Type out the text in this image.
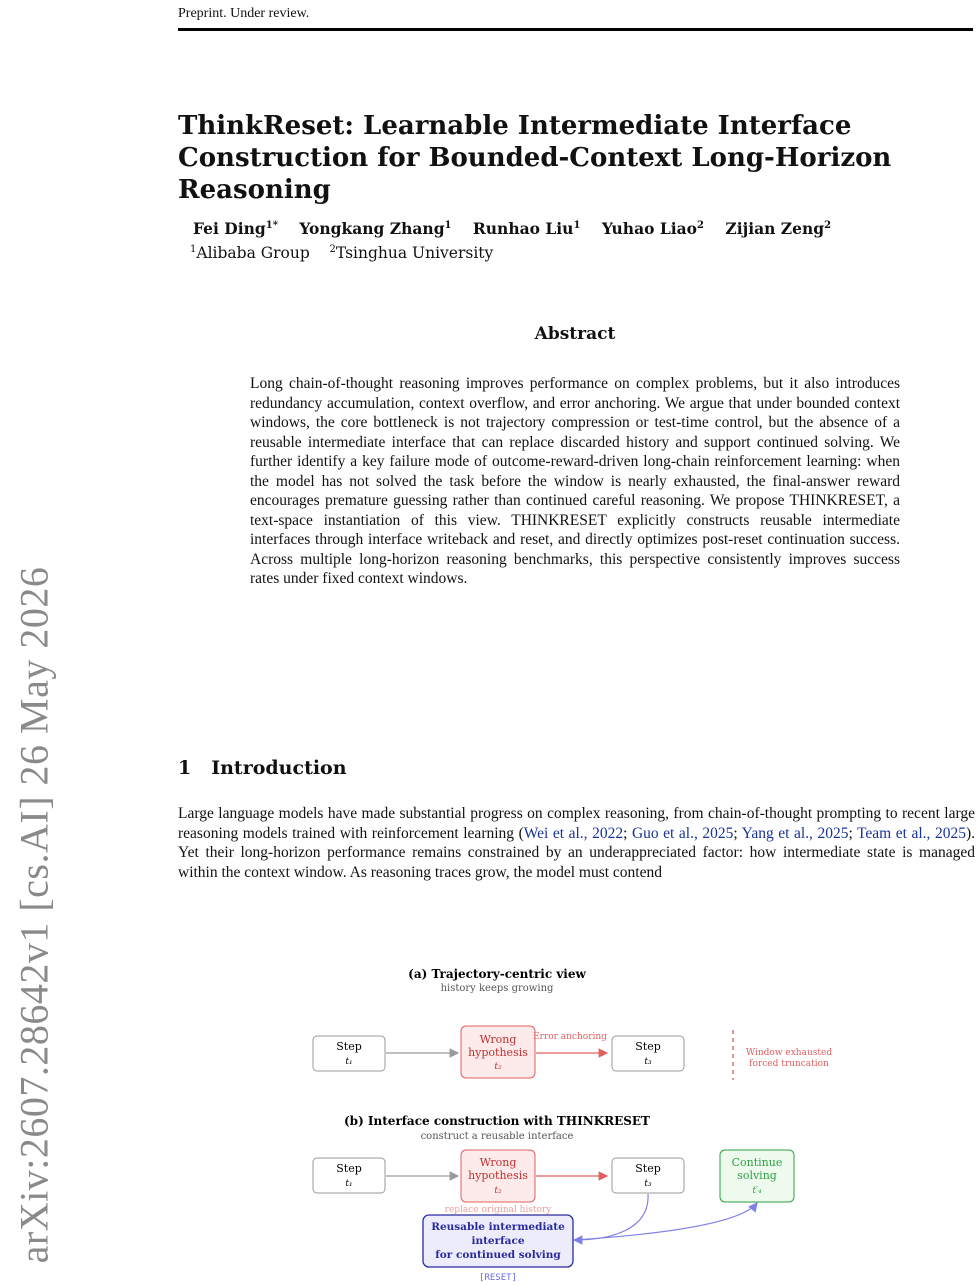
Preprint. Under review.
arXiv:2607.28642v1 [cs.AI] 26 May 2026
ThinkReset: Learnable Intermediate Interface Construction for Bounded-Context Long-Horizon Reasoning
Fei Ding$^{1*}$ Yongkang Zhang$^1$ Runhao Liu$^1$ Yuhao Liao$^2$ Zijian Zeng$^2$
$^1$Alibaba Group $^2$Tsinghua University
Abstract
Long chain-of-thought reasoning improves performance on complex problems, but it also introduces redundancy accumulation, context overflow, and error anchoring. We argue that under bounded context windows, the core bottleneck is not trajectory compression or test-time control, but the absence of a reusable intermediate interface that can replace discarded history and support continued solving. We further identify a key failure mode of outcome-reward-driven long-chain reinforcement learning: when the model has not solved the task before the window is nearly exhausted, the final-answer reward encourages premature guessing rather than continued careful reasoning. We propose THINKRESET, a text-space instantiation of this view. THINKRESET explicitly constructs reusable intermediate interfaces through interface writeback and reset, and directly optimizes post-reset continuation success. Across multiple long-horizon reasoning benchmarks, this perspective consistently improves success rates under fixed context windows.
1 Introduction
Large language models have made substantial progress on complex reasoning, from chain-of-thought prompting to recent large reasoning models trained with reinforcement learning (Wei et al., 2022; Guo et al., 2025; Yang et al., 2025; Team et al., 2025). Yet their long-horizon performance remains constrained by an underappreciated factor: how intermediate state is managed within the context window. As reasoning traces grow, the model must contend
(a) Trajectory-centric view
history keeps growing
Step
t₁
Wrong
hypothesis
t₂
Error anchoring
Step
t₃
Window exhausted
forced truncation
(b) Interface construction with THINKRESET
construct a reusable interface
Step
t₁
Wrong
hypothesis
t₂
Step
t₃
Continue
solving
t′₄
replace original history
Reusable intermediate
interface
for continued solving
[RESET]
